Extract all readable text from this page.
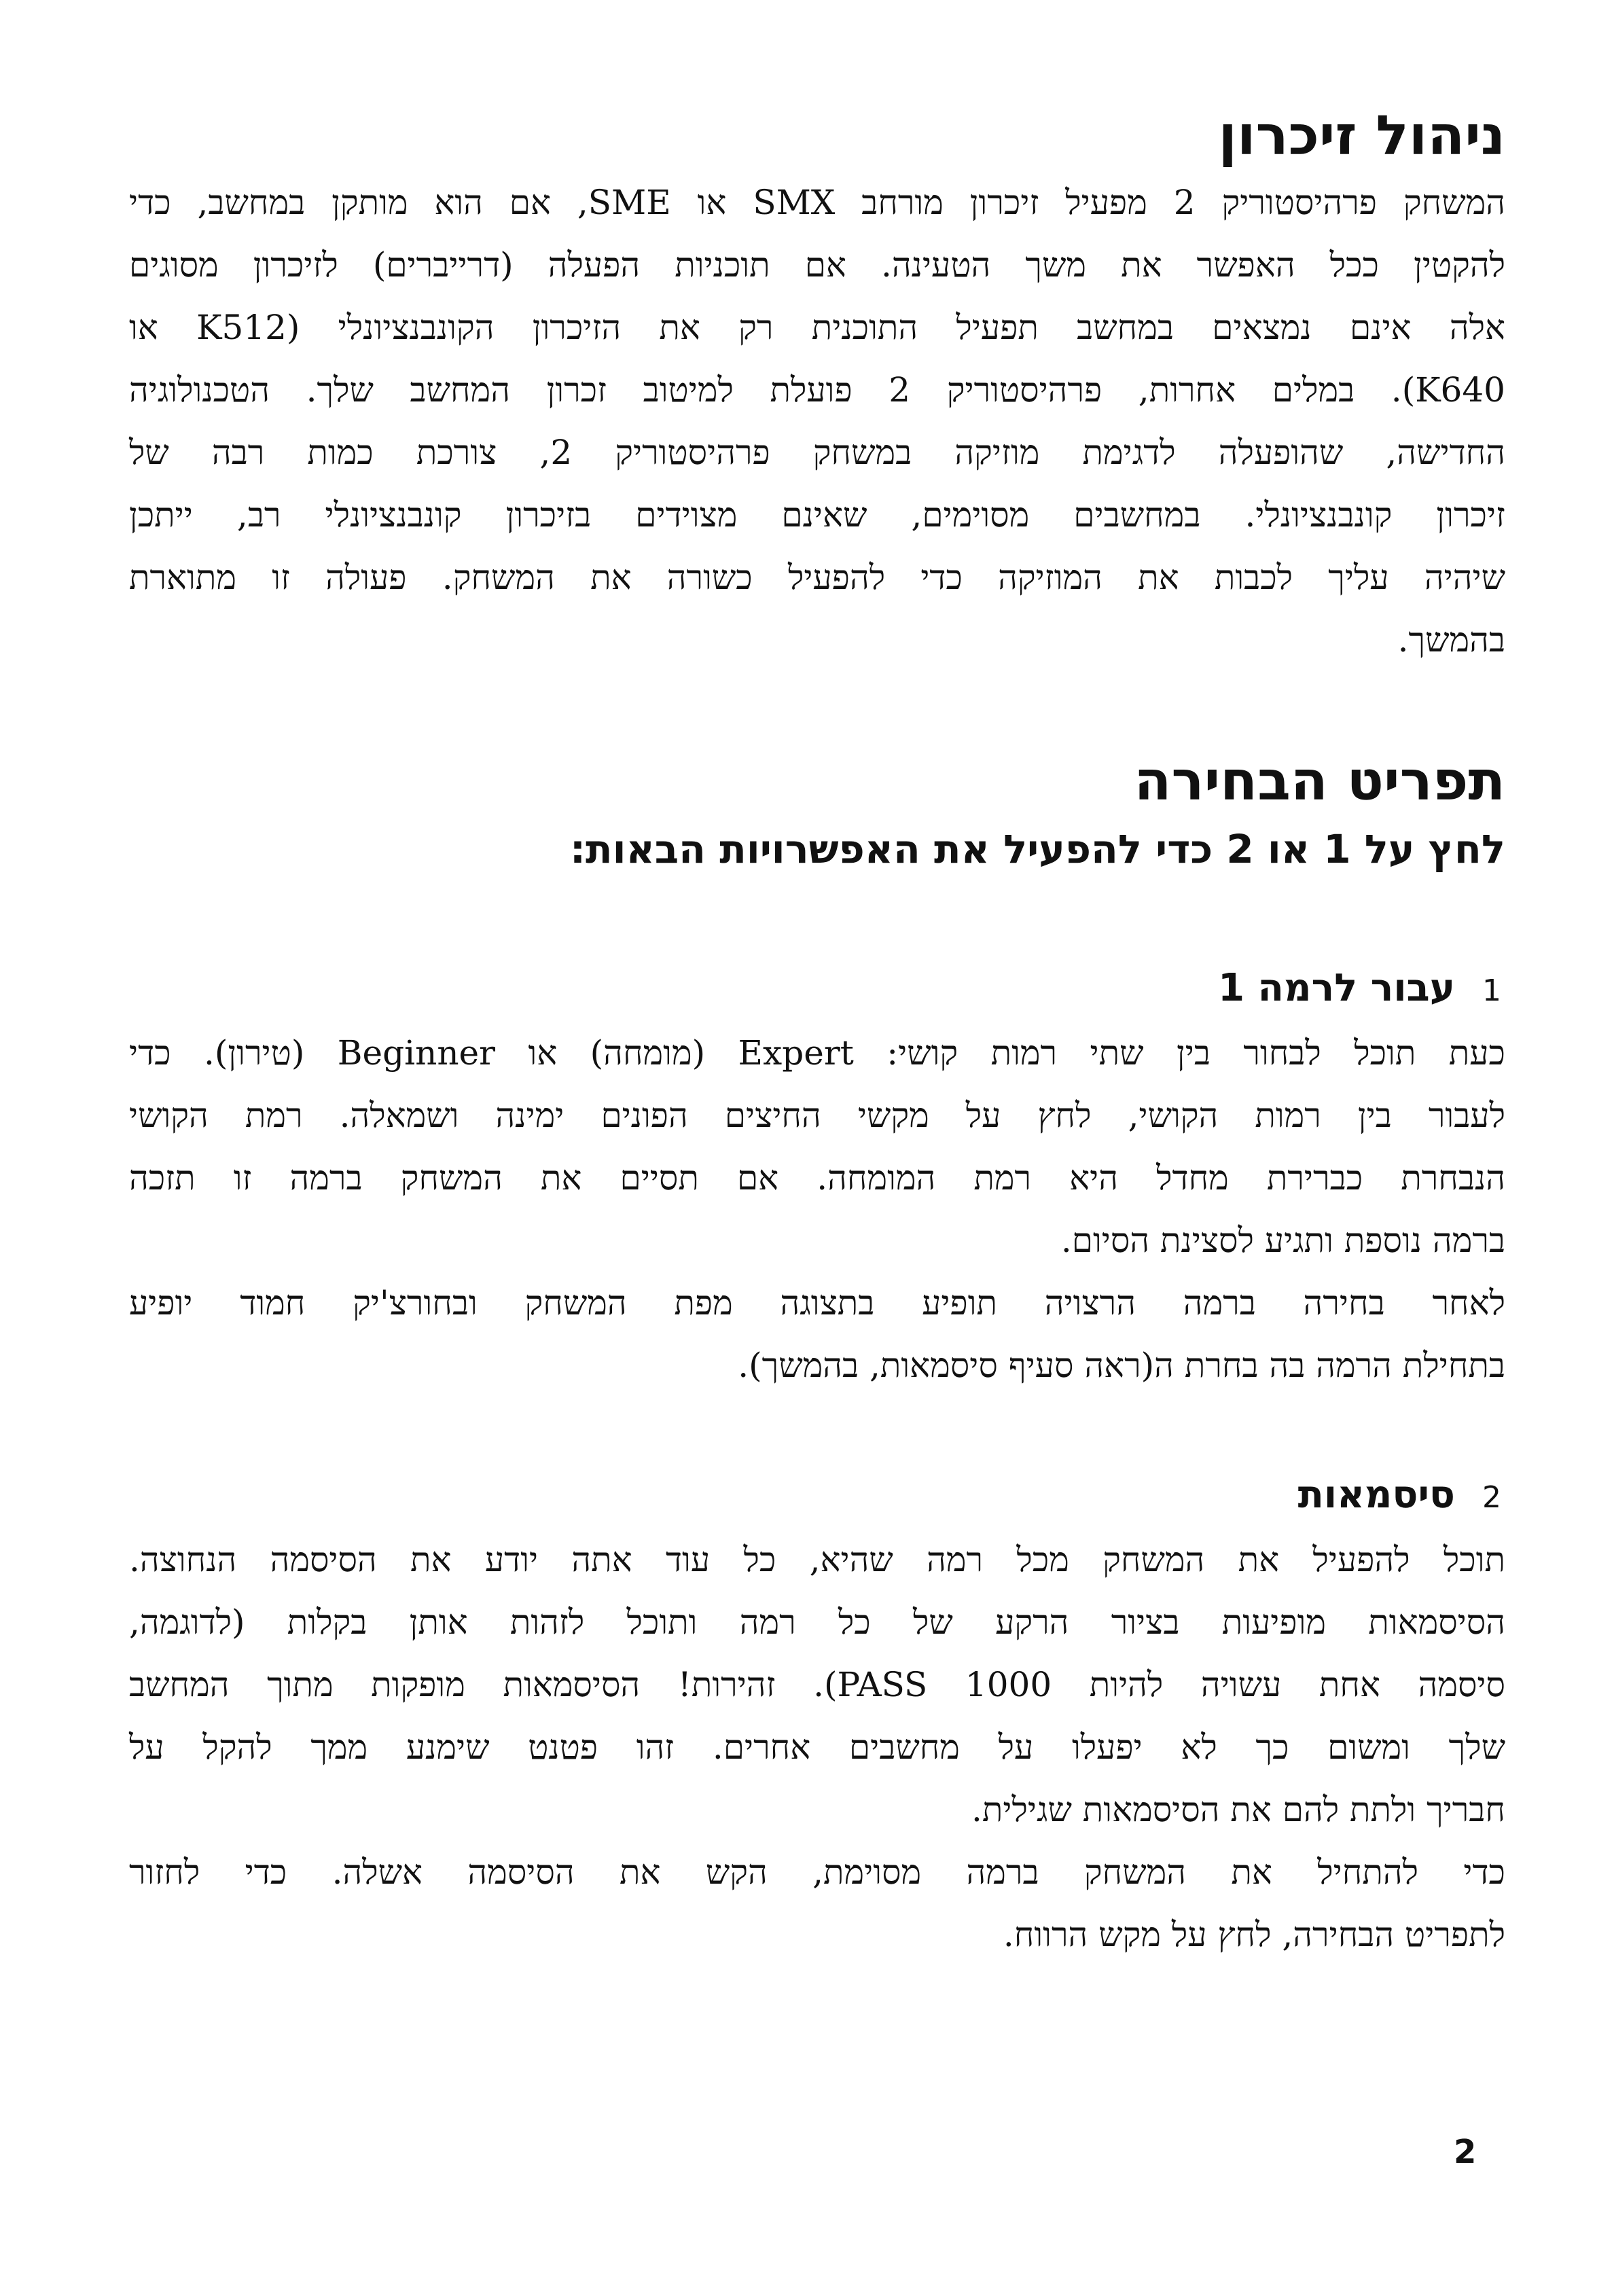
ניהול זיכרון

המשחק פרהיסטוריק 2 מפעיל זיכרון מורחב SMX או SME, אם הוא מותקן במחשב, כדי
להקטין ככל האפשר את משך הטעינה. אם תוכניות הפעלה (דרייברים) לזיכרון מסוגים
אלה אינם נמצאים במחשב תפעיל התוכנית רק את הזיכרון הקונבנציונלי (K512 או
K640). במלים אחרות, פרהיסטוריק 2 פועלת למיטוב זכרון המחשב שלך. הטכנולוגיה
החדישה, שהופעלה לדגימת מוזיקה במשחק פרהיסטוריק 2, צורכת כמות רבה של
זיכרון קונבנציונלי. במחשבים מסוימים, שאינם מצוידים בזיכרון קונבנציונלי רב, ייתכן
שיהיה עליך לכבות את המוזיקה כדי להפעיל כשורה את המשחק. פעולה זו מתוארת
בהמשך.

תפריט הבחירה
לחץ על 1 או 2 כדי להפעיל את האפשרויות הבאות:
1
עבור לרמה 1

כעת תוכל לבחור בין שתי רמות קושי: Expert (מומחה) או Beginner (טירון). כדי
לעבור בין רמות הקושי, לחץ על מקשי החיצים הפונים ימינה ושמאלה. רמת הקושי
הנבחרת כברירת מחדל היא רמת המומחה. אם תסיים את המשחק ברמה זו תזכה
ברמה נוספת ותגיע לסצינת הסיום.
לאחר בחירה ברמה הרצויה תופיע בתצוגה מפת המשחק ובחורצ'יק חמוד יופיע
בתחילת הרמה בה בחרת ה(ראה סעיף סיסמאות, בהמשך).

2
סיסמאות

תוכל להפעיל את המשחק מכל רמה שהיא, כל עוד אתה יודע את הסיסמה הנחוצה.
הסיסמאות מופיעות בציור הרקע של כל רמה ותוכל לזהות אותן בקלות (לדוגמה,
סיסמה אחת עשויה להיות PASS 1000). זהירות! הסיסמאות מופקות מתוך המחשב
שלך ומשום כך לא יפעלו על מחשבים אחרים. זהו פטנט שימנע ממך להקל על
חבריך ולתת להם את הסיסמאות שגילית.
כדי להתחיל את המשחק ברמה מסוימת, הקש את הסיסמה אשלה. כדי לחזור
לתפריט הבחירה, לחץ על מקש הרווח.

2
